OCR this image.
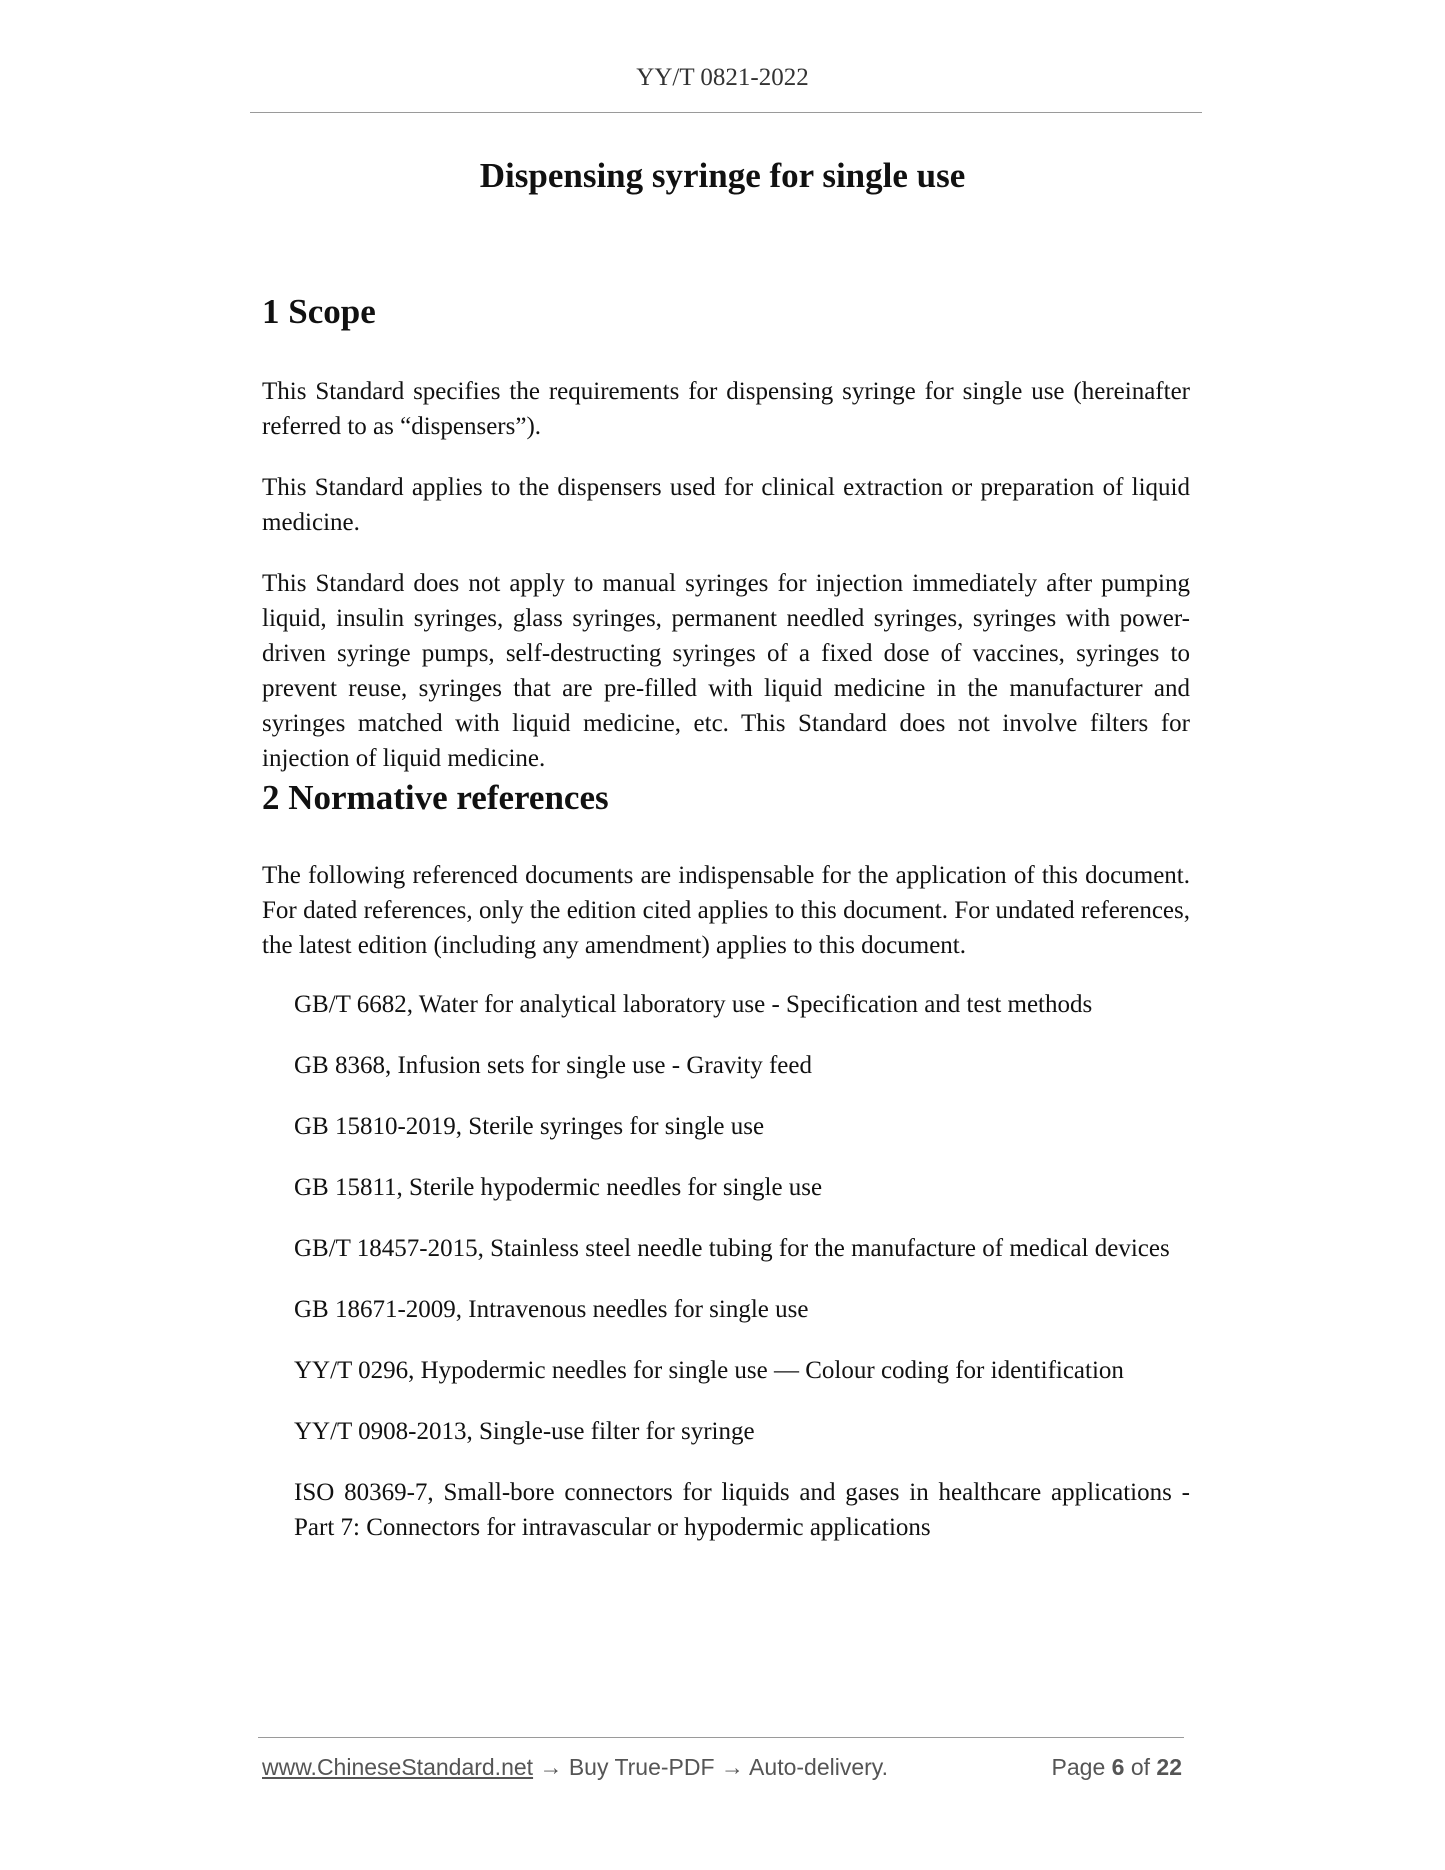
YY/T 0821-2022
Dispensing syringe for single use
1 Scope

This Standard specifies the requirements for dispensing syringe for single use (hereinafter referred to as “dispensers”).

This Standard applies to the dispensers used for clinical extraction or preparation of liquid medicine.

This Standard does not apply to manual syringes for injection immediately after pumping liquid, insulin syringes, glass syringes, permanent needled syringes, syringes with power-driven syringe pumps, self-destructing syringes of a fixed dose of vaccines, syringes to prevent reuse, syringes that are pre-filled with liquid medicine in the manufacturer and syringes matched with liquid medicine, etc. This Standard does not involve filters for injection of liquid medicine.

2 Normative references

The following referenced documents are indispensable for the application of this document. For dated references, only the edition cited applies to this document. For undated references, the latest edition (including any amendment) applies to this document.

GB/T 6682, Water for analytical laboratory use - Specification and test methods
GB 8368, Infusion sets for single use - Gravity feed
GB 15810-2019, Sterile syringes for single use
GB 15811, Sterile hypodermic needles for single use
GB/T 18457-2015, Stainless steel needle tubing for the manufacture of medical devices
GB 18671-2009, Intravenous needles for single use
YY/T 0296, Hypodermic needles for single use — Colour coding for identification
YY/T 0908-2013, Single-use filter for syringe
ISO 80369-7, Small-bore connectors for liquids and gases in healthcare applications - Part 7: Connectors for intravascular or hypodermic applications
www.ChineseStandard.net → Buy True-PDF → Auto-delivery.	Page 6 of 22
